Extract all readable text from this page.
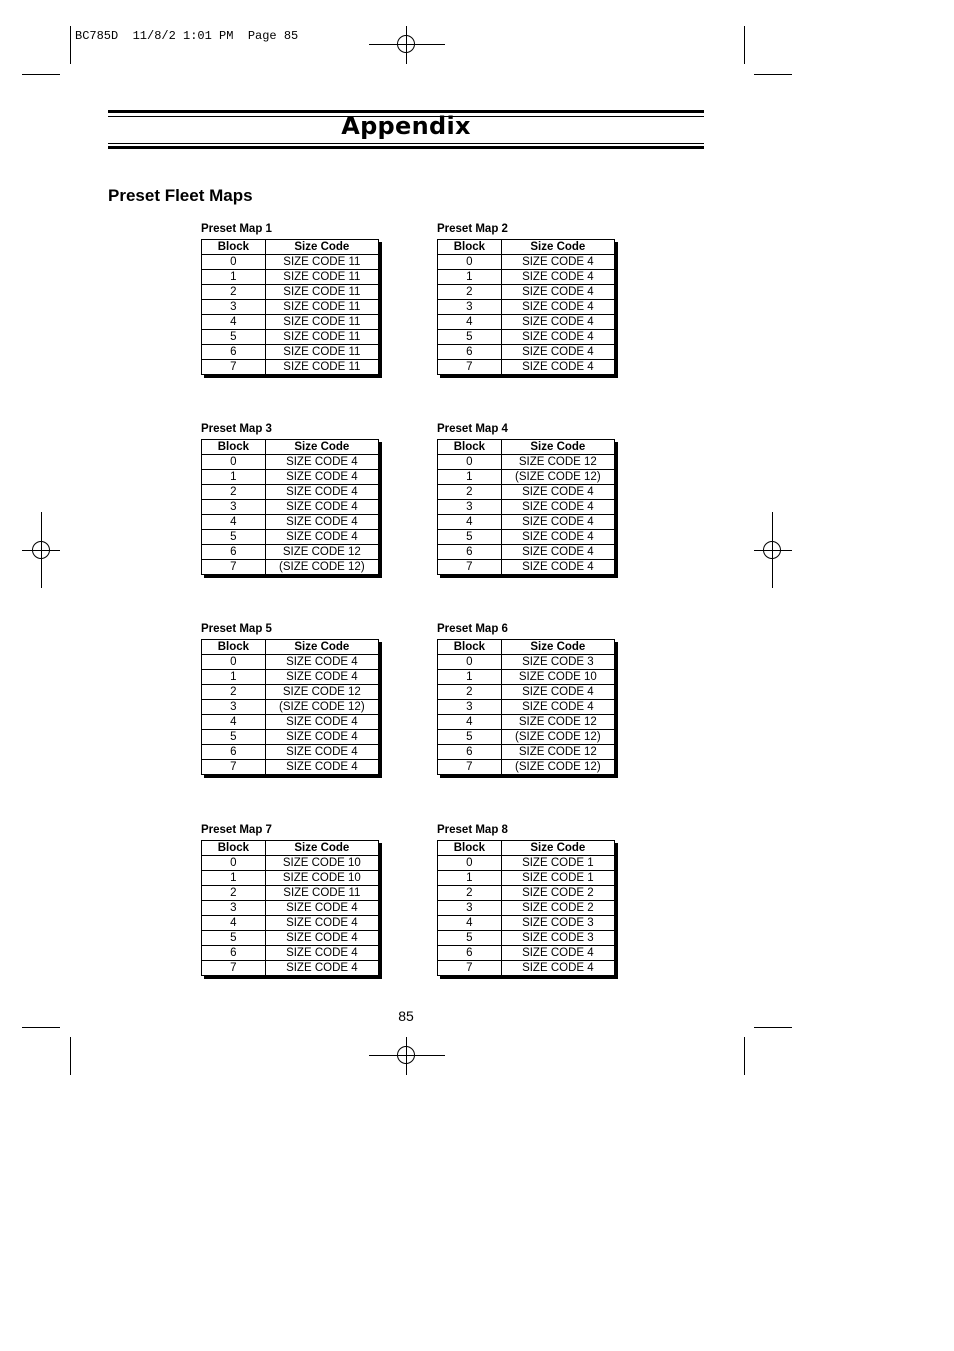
BC785D  11/8/2 1:01 PM  Page 85
Appendix
Preset Fleet Maps
Preset Map 1
Block	Size Code
0	SIZE CODE 11
1	SIZE CODE 11
2	SIZE CODE 11
3	SIZE CODE 11
4	SIZE CODE 11
5	SIZE CODE 11
6	SIZE CODE 11
7	SIZE CODE 11
Preset Map 2
Block	Size Code
0	SIZE CODE 4
1	SIZE CODE 4
2	SIZE CODE 4
3	SIZE CODE 4
4	SIZE CODE 4
5	SIZE CODE 4
6	SIZE CODE 4
7	SIZE CODE 4
Preset Map 3
Block	Size Code
0	SIZE CODE 4
1	SIZE CODE 4
2	SIZE CODE 4
3	SIZE CODE 4
4	SIZE CODE 4
5	SIZE CODE 4
6	SIZE CODE 12
7	(SIZE CODE 12)
Preset Map 4
Block	Size Code
0	SIZE CODE 12
1	(SIZE CODE 12)
2	SIZE CODE 4
3	SIZE CODE 4
4	SIZE CODE 4
5	SIZE CODE 4
6	SIZE CODE 4
7	SIZE CODE 4
Preset Map 5
Block	Size Code
0	SIZE CODE 4
1	SIZE CODE 4
2	SIZE CODE 12
3	(SIZE CODE 12)
4	SIZE CODE 4
5	SIZE CODE 4
6	SIZE CODE 4
7	SIZE CODE 4
Preset Map 6
Block	Size Code
0	SIZE CODE 3
1	SIZE CODE 10
2	SIZE CODE 4
3	SIZE CODE 4
4	SIZE CODE 12
5	(SIZE CODE 12)
6	SIZE CODE 12
7	(SIZE CODE 12)
Preset Map 7
Block	Size Code
0	SIZE CODE 10
1	SIZE CODE 10
2	SIZE CODE 11
3	SIZE CODE 4
4	SIZE CODE 4
5	SIZE CODE 4
6	SIZE CODE 4
7	SIZE CODE 4
Preset Map 8
Block	Size Code
0	SIZE CODE 1
1	SIZE CODE 1
2	SIZE CODE 2
3	SIZE CODE 2
4	SIZE CODE 3
5	SIZE CODE 3
6	SIZE CODE 4
7	SIZE CODE 4
85
